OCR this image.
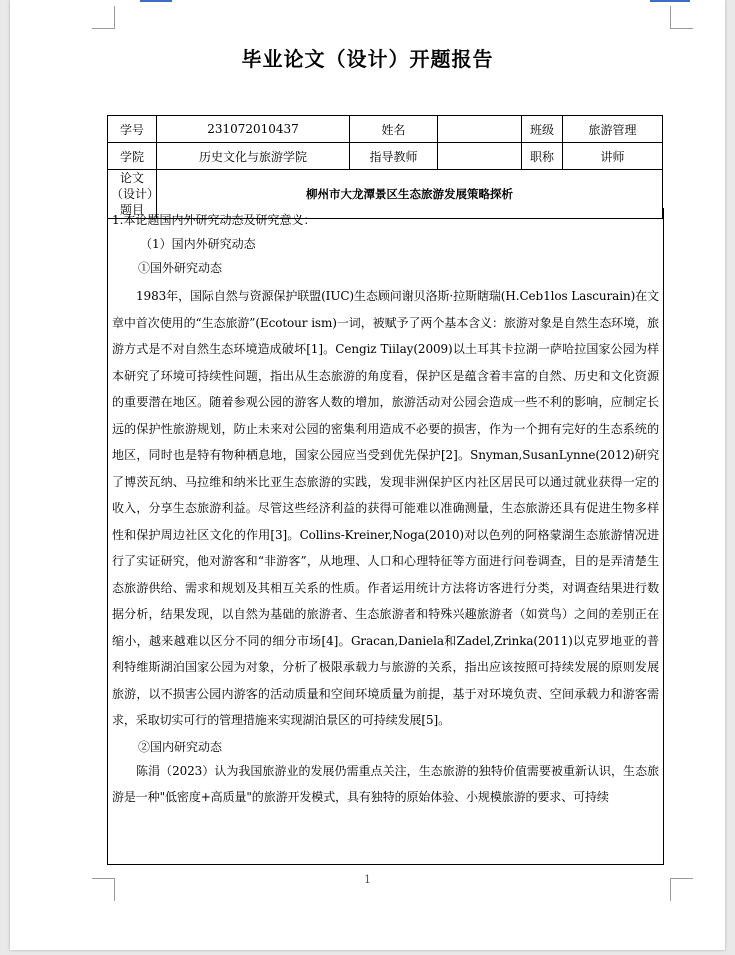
毕业论文（设计）开题报告
学号	231072010437	姓名		班级	旅游管理
学院	历史文化与旅游学院	指导教师		职称	讲师
论文（设计）题目	柳州市大龙潭景区生态旅游发展策略探析				
1.本论题国内外研究动态及研究意义：
（1）国内外研究动态
①国外研究动态

1983年，国际自然与资源保护联盟(IUC)生态顾问谢贝洛斯·拉斯瞎瑞(H.Ceb1los Lascurain)在文章中首次使用的“生态旅游”(Ecotour ism)一词，被赋予了两个基本含义：旅游对象是自然生态环境，旅游方式是不对自然生态环境造成破坏[1]。Cengiz Tiilay(2009)以土耳其卡拉湖一萨哈拉国家公园为样本研究了环境可持续性问题，指出从生态旅游的角度看，保护区是蕴含着丰富的自然、历史和文化资源的重要潜在地区。随着参观公园的游客人数的增加，旅游活动对公园会造成一些不利的影响，应制定长远的保护性旅游规划，防止未来对公园的密集利用造成不必要的损害，作为一个拥有完好的生态系统的地区，同时也是特有物种栖息地，国家公园应当受到优先保护[2]。Snyman,SusanLynne(2012)研究了博茨瓦纳、马拉维和纳米比亚生态旅游的实践，发现非洲保护区内社区居民可以通过就业获得一定的收入，分享生态旅游利益。尽管这些经济利益的获得可能难以准确测量，生态旅游还具有促进生物多样性和保护周边社区文化的作用[3]。Collins-Kreiner,Noga(2010)对以色列的阿格蒙湖生态旅游情况进行了实证研究，他对游客和“非游客”，从地理、人口和心理特征等方面进行问卷调查，目的是弄清楚生态旅游供给、需求和规划及其相互关系的性质。作者运用统计方法将访客进行分类，对调查结果进行数据分析，结果发现，以自然为基础的旅游者、生态旅游者和特殊兴趣旅游者（如赏鸟）之间的差别正在缩小，越来越难以区分不同的细分市场[4]。Gracan,Daniela和Zadel,Zrinka(2011)以克罗地亚的普利特维斯湖泊国家公园为对象，分析了极限承载力与旅游的关系，指出应该按照可持续发展的原则发展旅游，以不损害公园内游客的活动质量和空间环境质量为前提，基于对环境负责、空间承载力和游客需求，采取切实可行的管理措施来实现湖泊景区的可持续发展[5]。

②国内研究动态

陈涓（2023）认为我国旅游业的发展仍需重点关注，生态旅游的独特价值需要被重新认识，生态旅游是一种"低密度+高质量"的旅游开发模式，具有独特的原始体验、小规模旅游的要求、可持续

1
